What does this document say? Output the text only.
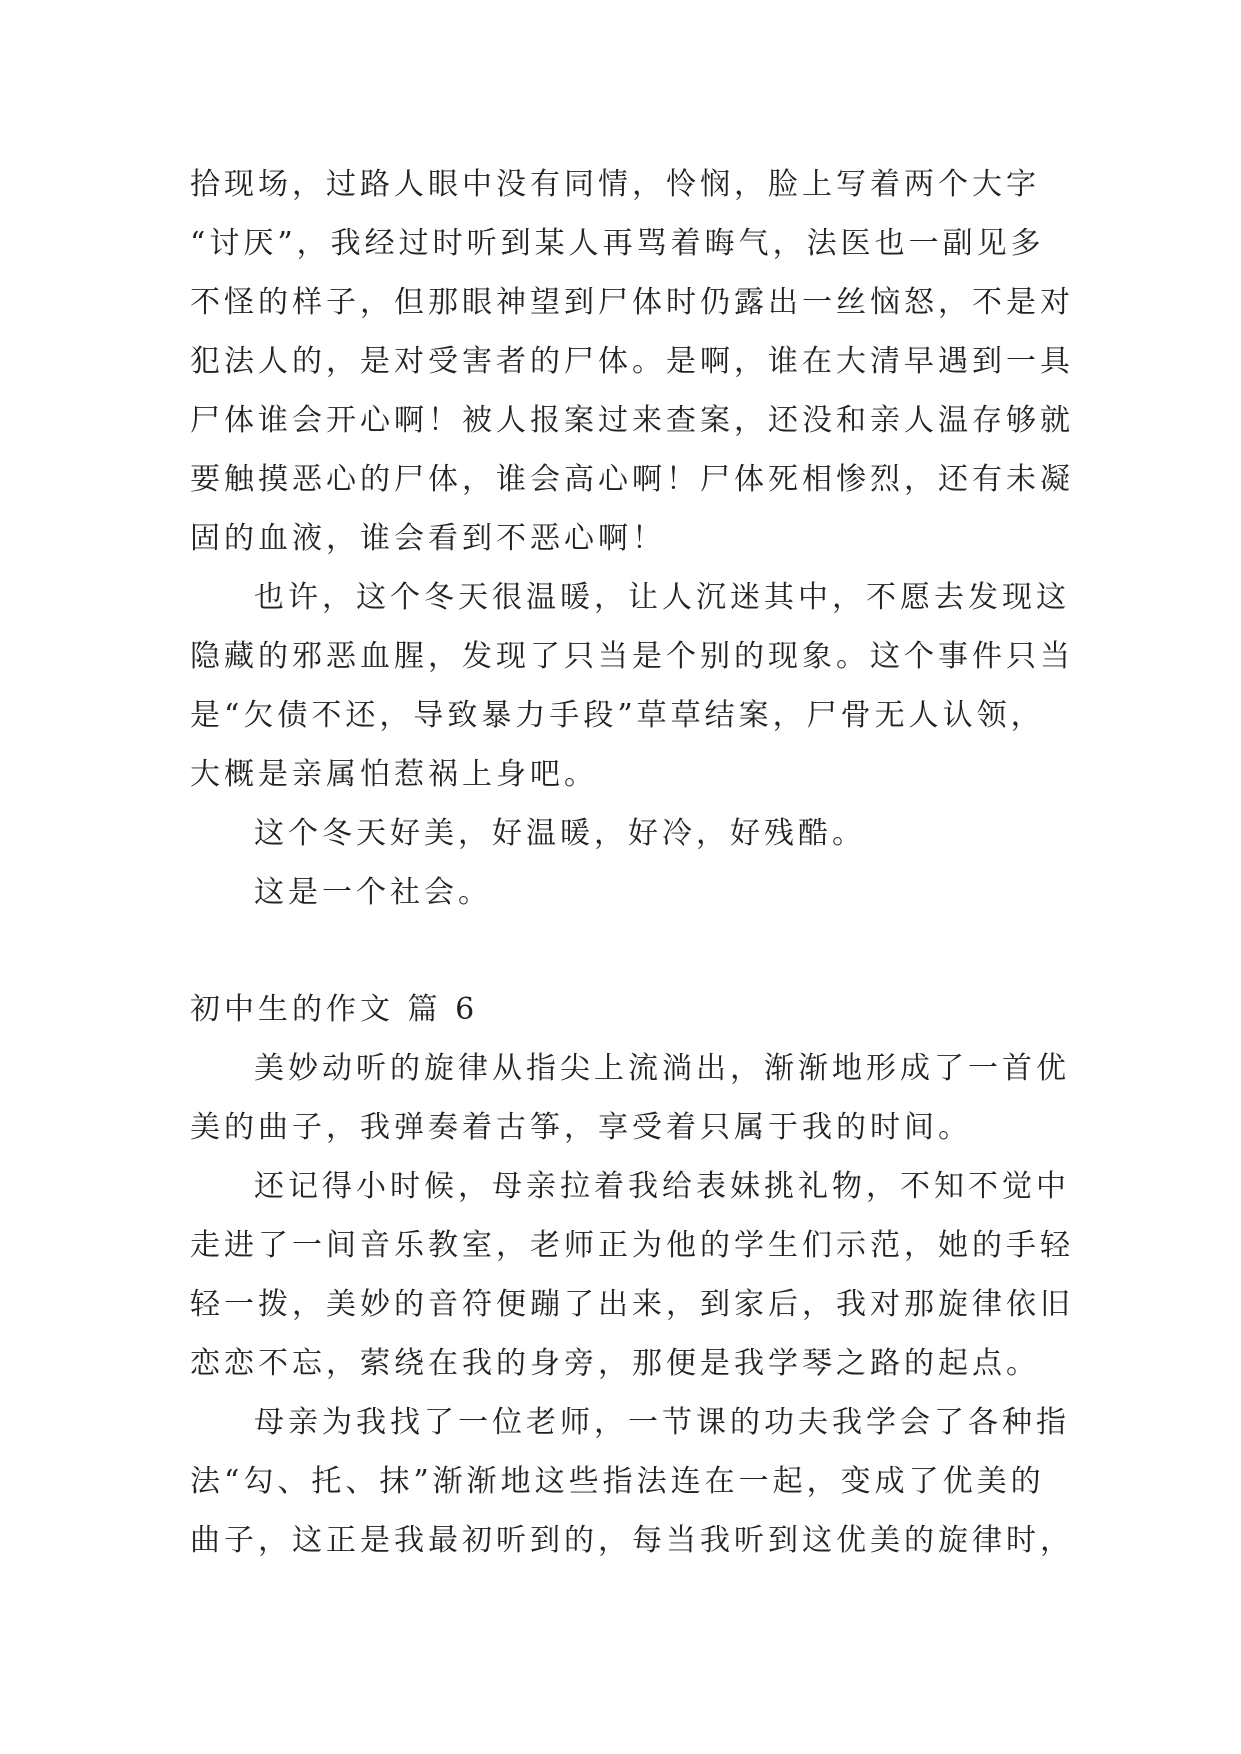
拾现场，过路人眼中没有同情，怜悯，脸上写着两个大字
“讨厌”，我经过时听到某人再骂着晦气，法医也一副见多
不怪的样子，但那眼神望到尸体时仍露出一丝恼怒，不是对
犯法人的，是对受害者的尸体。是啊，谁在大清早遇到一具
尸体谁会开心啊！被人报案过来查案，还没和亲人温存够就
要触摸恶心的尸体，谁会高心啊！尸体死相惨烈，还有未凝
固的血液，谁会看到不恶心啊！
也许，这个冬天很温暖，让人沉迷其中，不愿去发现这
隐藏的邪恶血腥，发现了只当是个别的现象。这个事件只当
是“欠债不还，导致暴力手段”草草结案，尸骨无人认领，
大概是亲属怕惹祸上身吧。
这个冬天好美，好温暖，好冷，好残酷。
这是一个社会。
初中生的作文 篇 6
美妙动听的旋律从指尖上流淌出，渐渐地形成了一首优
美的曲子，我弹奏着古筝，享受着只属于我的时间。
还记得小时候，母亲拉着我给表妹挑礼物，不知不觉中
走进了一间音乐教室，老师正为他的学生们示范，她的手轻
轻一拨，美妙的音符便蹦了出来，到家后，我对那旋律依旧
恋恋不忘，萦绕在我的身旁，那便是我学琴之路的起点。
母亲为我找了一位老师，一节课的功夫我学会了各种指
法“勾、托、抹”渐渐地这些指法连在一起，变成了优美的
曲子，这正是我最初听到的，每当我听到这优美的旋律时，
